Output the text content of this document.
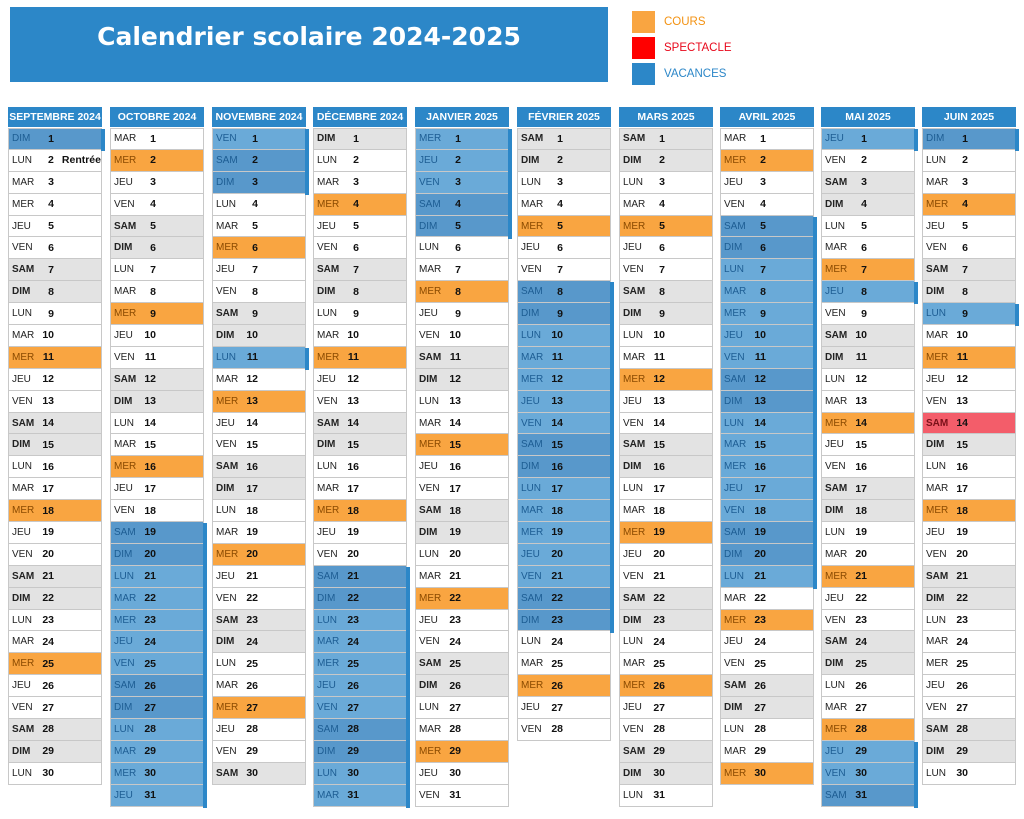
Calendrier scolaire 2024-2025	COURS
SPECTACLE
VACANCES
SEPTEMBRE 2024
DIM	1
LUN	2 Rentrée
MAR	3
MER	4
JEU	5
VEN	6
SAM	7
DIM	8
LUN	9
MAR 10
MER 11
JEU	12
VEN 13
SAM 14
DIM	15
LUN 16
MAR 17
MER 18
JEU	19
VEN 20
SAM 21
DIM	22
LUN 23
MAR 24
MER 25
JEU	26
VEN 27
SAM 28
DIM	29
LUN 30
OCTOBRE 2024
MAR	1
MER	2
JEU	3
VEN	4
SAM	5
DIM	6
LUN	7
MAR	8
MER	9
JEU	10
VEN 11
SAM 12
DIM	13
LUN 14
MAR 15
MER 16
JEU	17
VEN 18
SAM 19
DIM	20
LUN 21
MAR 22
MER 23
JEU	24
VEN 25
SAM 26
DIM	27
LUN 28
MAR 29
MER 30
JEU	31
NOVEMBRE 2024
VEN	1
SAM	2
DIM	3
LUN	4
MAR	5
MER	6
JEU	7
VEN	8
SAM	9
DIM	10
LUN	11
MAR 12
MER 13
JEU	14
VEN 15
SAM 16
DIM	17
LUN 18
MAR 19
MER 20
JEU	21
VEN 22
SAM 23
DIM	24
LUN 25
MAR 26
MER 27
JEU	28
VEN 29
SAM 30
DÉCEMBRE 2024
DIM	1
LUN	2
MAR	3
MER	4
JEU	5
VEN	6
SAM	7
DIM	8
LUN	9
MAR 10
MER 11
JEU	12
VEN 13
SAM 14
DIM	15
LUN 16
MAR 17
MER 18
JEU	19
VEN 20
SAM 21
DIM	22
LUN 23
MAR 24
MER 25
JEU	26
VEN 27
SAM 28
DIM	29
LUN 30
MAR 31
JANVIER 2025
MER	1
JEU	2
VEN	3
SAM	4
DIM	5
LUN	6
MAR	7
MER	8
JEU	9
VEN 10
SAM 11
DIM	12
LUN 13
MAR 14
MER 15
JEU	16
VEN 17
SAM 18
DIM	19
LUN 20
MAR 21
MER 22
JEU	23
VEN 24
SAM 25
DIM	26
LUN 27
MAR 28
MER 29
JEU	30
VEN 31
FÉVRIER 2025
SAM	1
DIM	2
LUN	3
MAR	4
MER	5
JEU	6
VEN	7
SAM	8
DIM	9
LUN 10
MAR 11
MER 12
JEU	13
VEN 14
SAM 15
DIM	16
LUN 17
MAR 18
MER 19
JEU	20
VEN 21
SAM 22
DIM	23
LUN 24
MAR 25
MER 26
JEU	27
VEN 28
MARS 2025
SAM	1
DIM	2
LUN	3
MAR	4
MER	5
JEU	6
VEN	7
SAM	8
DIM	9
LUN 10
MAR 11
MER 12
JEU	13
VEN 14
SAM 15
DIM	16
LUN 17
MAR 18
MER 19
JEU	20
VEN 21
SAM 22
DIM	23
LUN 24
MAR 25
MER 26
JEU	27
VEN 28
SAM 29
DIM	30
LUN 31
AVRIL 2025
MAR	1
MER	2
JEU	3
VEN	4
SAM	5
DIM	6
LUN	7
MAR	8
MER	9
JEU	10
VEN 11
SAM 12
DIM	13
LUN 14
MAR 15
MER 16
JEU	17
VEN 18
SAM 19
DIM	20
LUN 21
MAR 22
MER 23
JEU	24
VEN 25
SAM 26
DIM	27
LUN 28
MAR 29
MER 30
MAI 2025
JEU	1
VEN	2
SAM	3
DIM	4
LUN	5
MAR	6
MER	7
JEU	8
VEN	9
SAM 10
DIM	11
LUN 12
MAR 13
MER 14
JEU	15
VEN 16
SAM 17
DIM	18
LUN 19
MAR 20
MER 21
JEU	22
VEN 23
SAM 24
DIM	25
LUN 26
MAR 27
MER 28
JEU	29
VEN 30
SAM 31
JUIN 2025
DIM	1
LUN	2
MAR	3
MER	4
JEU	5
VEN	6
SAM	7
DIM	8
LUN	9
MAR 10
MER 11
JEU	12
VEN 13
SAM 14
DIM	15
LUN 16
MAR 17
MER 18
JEU	19
VEN 20
SAM 21
DIM	22
LUN 23
MAR 24
MER 25
JEU	26
VEN 27
SAM 28
DIM	29
LUN 30
